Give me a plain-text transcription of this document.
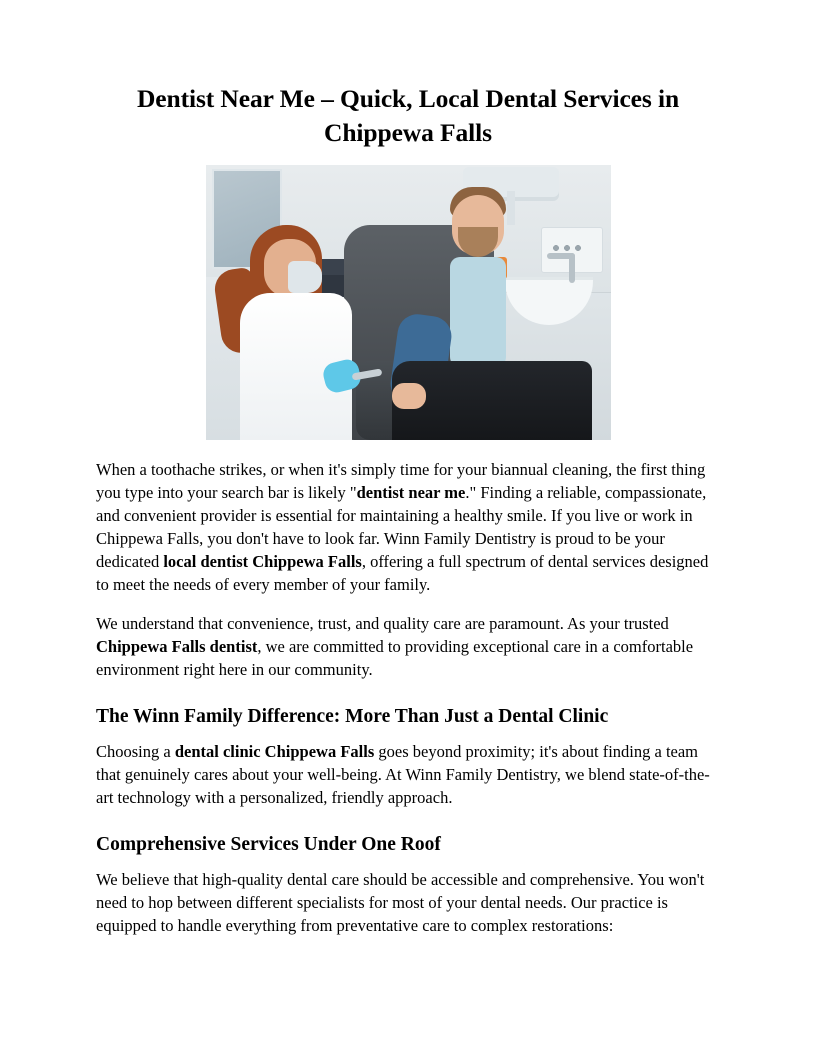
Dentist Near Me – Quick, Local Dental Services in Chippewa Falls

When a toothache strikes, or when it's simply time for your biannual cleaning, the first thing you type into your search bar is likely "dentist near me." Finding a reliable, compassionate, and convenient provider is essential for maintaining a healthy smile. If you live or work in Chippewa Falls, you don't have to look far. Winn Family Dentistry is proud to be your dedicated local dentist Chippewa Falls, offering a full spectrum of dental services designed to meet the needs of every member of your family.

We understand that convenience, trust, and quality care are paramount. As your trusted Chippewa Falls dentist, we are committed to providing exceptional care in a comfortable environment right here in our community.

The Winn Family Difference: More Than Just a Dental Clinic

Choosing a dental clinic Chippewa Falls goes beyond proximity; it's about finding a team that genuinely cares about your well-being. At Winn Family Dentistry, we blend state-of-the-art technology with a personalized, friendly approach.

Comprehensive Services Under One Roof

We believe that high-quality dental care should be accessible and comprehensive. You won't need to hop between different specialists for most of your dental needs. Our practice is equipped to handle everything from preventative care to complex restorations:
